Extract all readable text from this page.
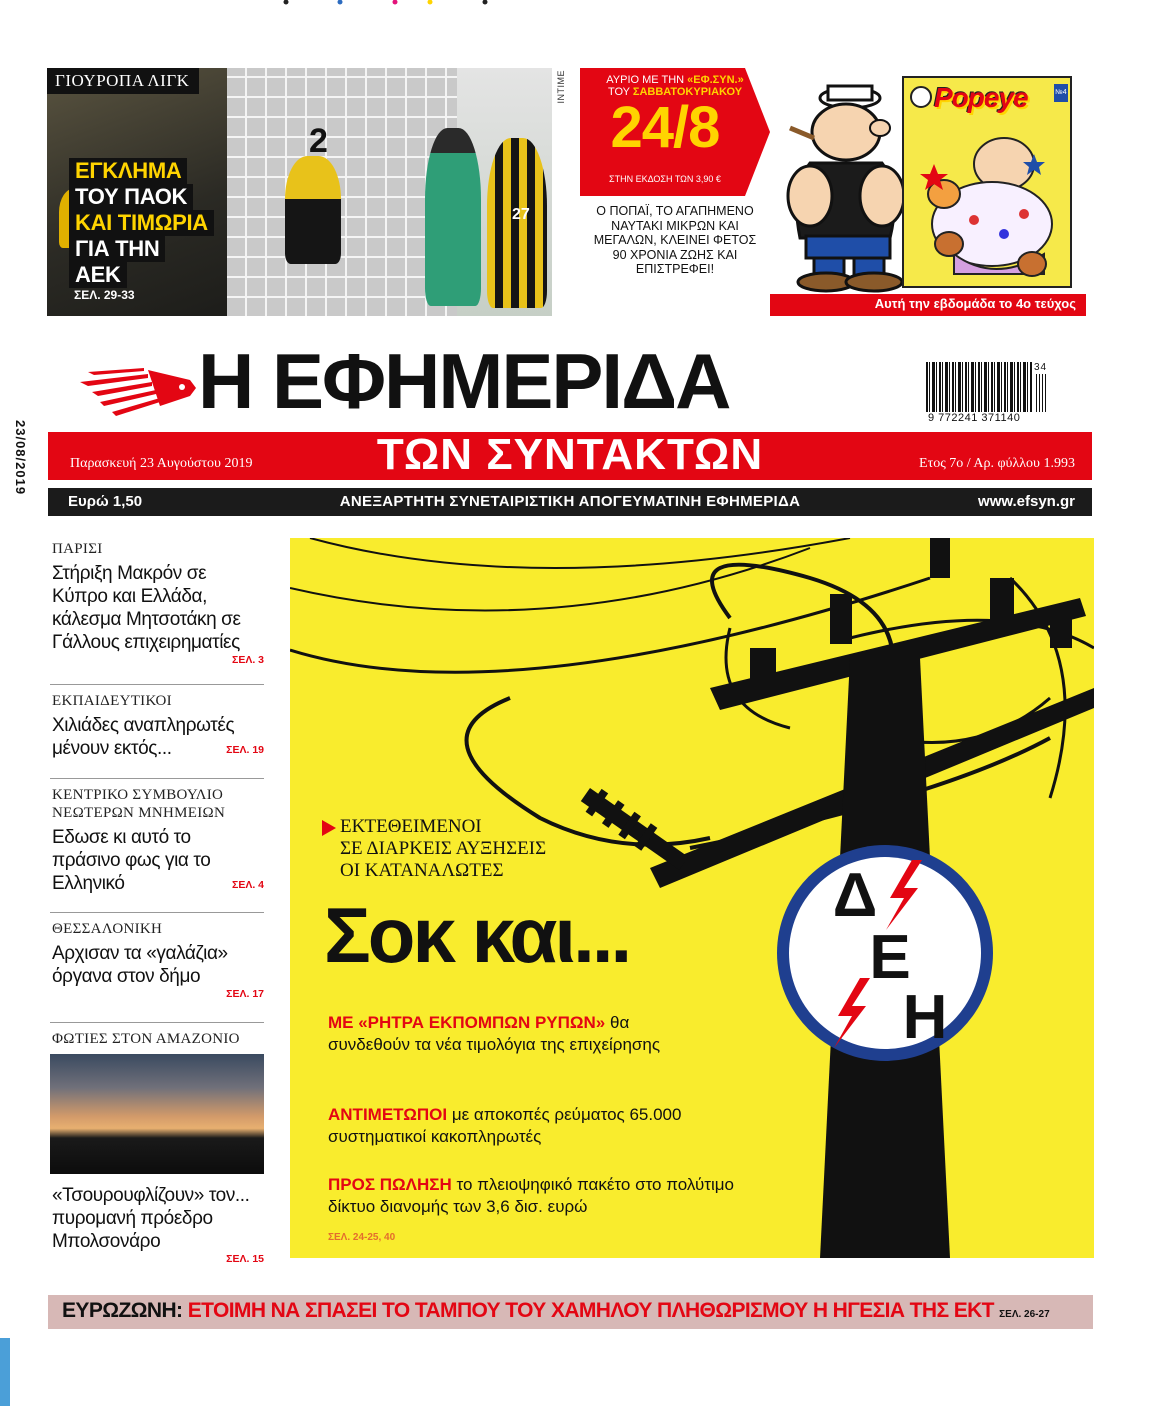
2
27
ΓΙΟΥΡΟΠΑ ΛΙΓΚ
ΕΓΚΛΗΜΑ
ΤΟΥ ΠΑΟΚ
ΚΑΙ ΤΙΜΩΡΙΑ
ΓΙΑ ΤΗΝ
ΑΕΚ
ΣΕΛ. 29-33
INTIME	ΑΥΡΙΟ ΜΕ ΤΗΝ «ΕΦ.ΣΥΝ.»
ΤΟΥ ΣΑΒΒΑΤΟΚΥΡΙΑΚΟΥ
24/8
ΣΤΗΝ ΕΚΔΟΣΗ ΤΩΝ 3,90 €
Ο ΠΟΠΑΪ, ΤΟ ΑΓΑΠΗΜΕΝΟ ΝΑΥΤΑΚΙ ΜΙΚΡΩΝ ΚΑΙ ΜΕΓΑΛΩΝ, ΚΛΕΙΝΕΙ ΦΕΤΟΣ 90 ΧΡΟΝΙΑ ΖΩΗΣ ΚΑΙ ΕΠΙΣΤΡΕΦΕΙ!
Popeye	№4
Αυτή την εβδομάδα το 4ο τεύχος
Η ΕΦΗΜΕΡΙΔΑ	34
9 772241 371140
ΤΩΝ ΣΥΝΤΑΚΤΩΝ
Παρασκευή 23 Αυγούστου 2019	Ετος 7ο / Αρ. φύλλου 1.993
ΑΝΕΞΑΡΤΗΤΗ ΣΥΝΕΤΑΙΡΙΣΤΙΚΗ ΑΠΟΓΕΥΜΑΤΙΝΗ ΕΦΗΜΕΡΙΔΑ
Ευρώ 1,50	www.efsyn.gr
23/08/2019
ΠΑΡΙΣΙ
Στήριξη Μακρόν σε Κύπρο και Ελλάδα, κάλεσμα Μητσοτάκη σε Γάλλους επιχειρηματίες
ΣΕΛ. 3
ΕΚΠΑΙΔΕΥΤΙΚΟΙ
Χιλιάδες αναπληρωτές μένουν εκτός...	ΣΕΛ. 19
ΚΕΝΤΡΙΚΟ ΣΥΜΒΟΥΛΙΟ ΝΕΩΤΕΡΩΝ ΜΝΗΜΕΙΩΝ
Εδωσε κι αυτό το πράσινο φως για το Ελληνικό	ΣΕΛ. 4
ΘΕΣΣΑΛΟΝΙΚΗ
Αρχισαν τα «γαλάζια» όργανα στον δήμο
ΣΕΛ. 17
ΦΩΤΙΕΣ ΣΤΟΝ ΑΜΑΖΟΝΙΟ
«Τσουρουφλίζουν» τον... πυρομανή πρόεδρο Μπολσονάρο
ΣΕΛ. 15
Δ
Ε
Η
ΕΚΤΕΘΕΙΜΕΝΟΙ
ΣΕ ΔΙΑΡΚΕΙΣ ΑΥΞΗΣΕΙΣ
ΟΙ ΚΑΤΑΝΑΛΩΤΕΣ
Σοκ και...
ΜΕ «ΡΗΤΡΑ ΕΚΠΟΜΠΩΝ ΡΥΠΩΝ» θα συνδεθούν τα νέα τιμολόγια της επιχείρησης
ΑΝΤΙΜΕΤΩΠΟΙ με αποκοπές ρεύματος 65.000 συστηματικοί κακοπληρωτές
ΠΡΟΣ ΠΩΛΗΣΗ το πλειοψηφικό πακέτο στο πολύτιμο δίκτυο διανομής των 3,6 δισ. ευρώ
ΣΕΛ. 24-25, 40
ΕΥΡΩΖΩΝΗ: ΕΤΟΙΜΗ ΝΑ ΣΠΑΣΕΙ ΤΟ ΤΑΜΠΟΥ ΤΟΥ ΧΑΜΗΛΟΥ ΠΛΗΘΩΡΙΣΜΟΥ Η ΗΓΕΣΙΑ ΤΗΣ ΕΚΤ ΣΕΛ. 26-27
